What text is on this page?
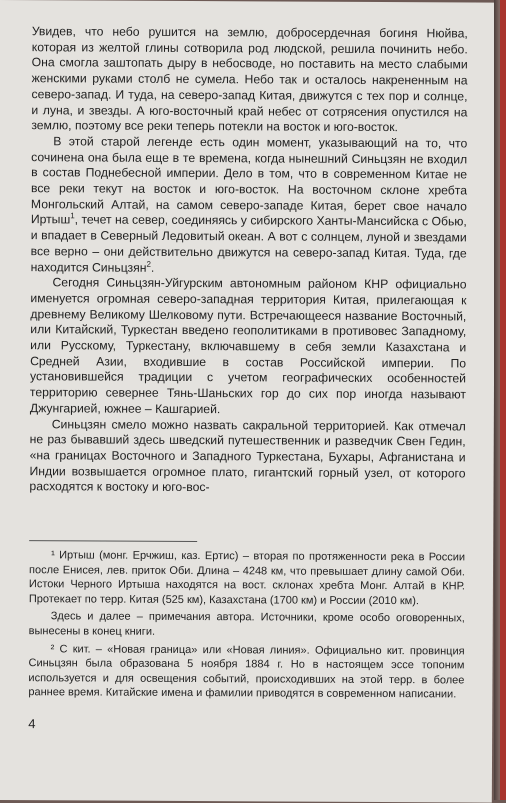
Увидев, что небо рушится на землю, добросердечная богиня Нюйва, которая из желтой глины сотворила род людской, решила починить небо. Она смогла заштопать дыру в небосводе, но поставить на место слабыми женскими руками столб не сумела. Небо так и осталось накрененным на северо-запад. И туда, на северо-запад Китая, движутся с тех пор и солнце, и луна, и звезды. А юго-восточный край небес от сотрясения опустился на землю, поэтому все реки теперь потекли на восток и юго-восток.

В этой старой легенде есть один момент, указывающий на то, что сочинена она была еще в те времена, когда нынешний Синьцзян не входил в состав Поднебесной империи. Дело в том, что в современном Китае не все реки текут на восток и юго-восток. На восточном склоне хребта Монгольский Алтай, на самом северо-западе Китая, берет свое начало Иртыш$^1$, течет на север, соединяясь у сибирского Ханты-Мансийска с Обью, и впадает в Северный Ледовитый океан. А вот с солнцем, луной и звездами все верно – они действительно движутся на северо-запад Китая. Туда, где находится Синьцзян$^2$.

Сегодня Синьцзян-Уйгурским автономным районом КНР официально именуется огромная северо-западная территория Китая, прилегающая к древнему Великому Шелковому пути. Встречающееся название Восточный, или Китайский, Туркестан введено геополитиками в противовес Западному, или Русскому, Туркестану, включавшему в себя земли Казахстана и Средней Азии, входившие в состав Российской империи. По установившейся традиции с учетом географических особенностей территорию севернее Тянь-Шаньских гор до сих пор иногда называют Джунгарией, южнее – Кашгарией.

Синьцзян смело можно назвать сакральной территорией. Как отмечал не раз бывавший здесь шведский путешественник и разведчик Свен Гедин, «на границах Восточного и Западного Туркестана, Бухары, Афганистана и Индии возвышается огромное плато, гигантский горный узел, от которого расходятся к востоку и юго-вос-

¹ Иртыш (монг. Ерчжиш, каз. Ертис) – вторая по протяженности река в России после Енисея, лев. приток Оби. Длина – 4248 км, что превышает длину самой Оби. Истоки Черного Иртыша находятся на вост. склонах хребта Монг. Алтай в КНР. Протекает по терр. Китая (525 км), Казахстана (1700 км) и России (2010 км).

Здесь и далее – примечания автора. Источники, кроме особо оговоренных, вынесены в конец книги.

² С кит. – «Новая граница» или «Новая линия». Официально кит. провинция Синьцзян была образована 5 ноября 1884 г. Но в настоящем эссе топоним используется и для освещения событий, происходивших на этой терр. в более раннее время. Китайские имена и фамилии приводятся в современном написании.

4
